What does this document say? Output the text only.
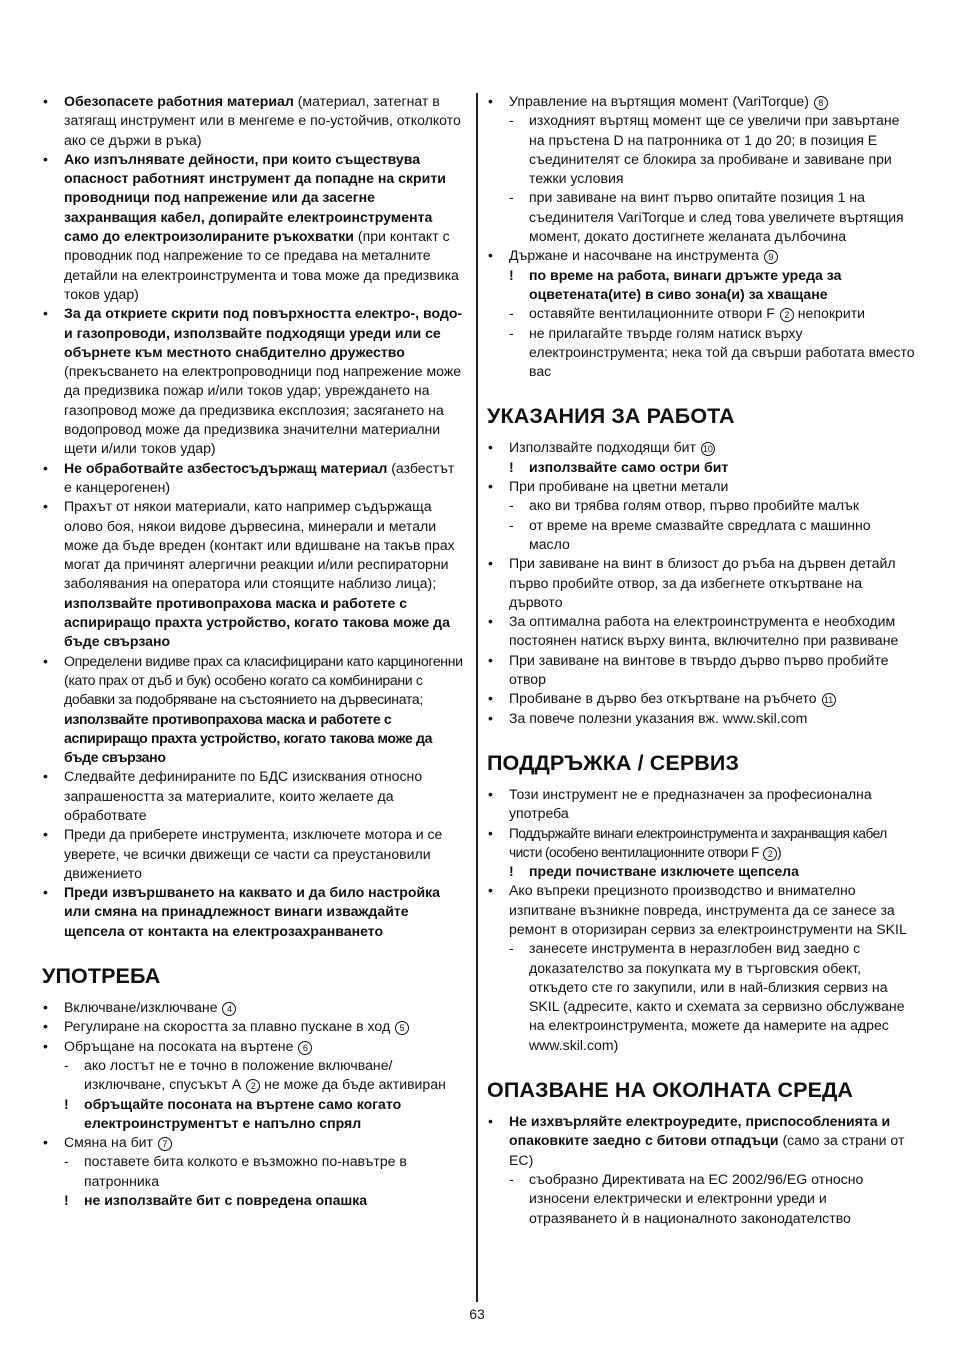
• Обезопасете работния материал (материал, затегнат в затягащ инструмент или в менгеме е по-устойчив, отколкото ако се държи в ръка)
• Ако изпълнявате дейности, при които съществува опасност работният инструмент да попадне на скрити проводници под напрежение или да засегне захранващия кабел, допирайте електроинструмента само до електроизолираните ръкохватки (при контакт с проводник под напрежение то се предава на металните детайли на електроинструмента и това може да предизвика токов удар)
• За да откриете скрити под повърхността електро-, водо- и газопроводи, използвайте подходящи уреди или се обърнете към местното снабдително дружество (прекъсването на електропроводници под напрежение може да предизвика пожар и/или токов удар; увреждането на газопровод може да предизвика експлозия; засягането на водопровод може да предизвика значителни материални щети и/или токов удар)
• Не обработвайте азбестосъдържащ материал (азбестът е канцерогенен)
• Прахът от някои материали, като например съдържаща олово боя, някои видове дървесина, минерали и метали може да бъде вреден (контакт или вдишване на такъв прах могат да причинят алергични реакции и/или респираторни заболявания на оператора или стоящите наблизо лица); използвайте противопрахова маска и работете с аспириращо прахта устройство, когато такова може да бъде свързано
• Определени видиве прах са класифицирани като карциногенни (като прах от дъб и бук) особено когато са комбинирани с добавки за подобряване на състоянието на дървесината; използвайте противопрахова маска и работете с аспириращо прахта устройство, когато такова може да бъде свързано
• Следвайте дефинираните по БДС изисквания относно запрашеността за материалите, които желаете да обработвате
• Преди да приберете инструмента, изключете мотора и се уверете, че всички движещи се части са преустановили движението
• Преди извършването на каквато и да било настройка или смяна на принадлежност винаги изваждайте щепсела от контакта на електрозахранването
УПОТРЕБА
• Включване/изключване 4
• Регулиране на скоростта за плавно пускане в ход 5
• Обръщане на посоката на въртене 6
- ако лостът не е точно в положение включване/ изключване, спусъкът А 2 не може да бъде активиран
! обръщайте посоната на въртене само когато електроинструментът е напълно спрял
• Смяна на бит 7
- поставете бита колкото е възможно по-навътре в патронника
! не използвайте бит с повредена опашка
• Управление на въртящия момент (VariTorque) 8
- изходният въртящ момент ще се увеличи при завъртане на пръстена D на патронника от 1 до 20; в позиция E съединителят се блокира за пробиване и завиване при тежки условия
- при завиване на винт първо опитайте позиция 1 на съединителя VariTorque и след това увеличете въртящия момент, докато достигнете желаната дълбочина
• Държане и насочване на инструмента 9
! по време на работа, винаги дръжте уреда за оцветената(ите) в сиво зона(и) за хващане
- оставяйте вентилационните отвори F 2 непокрити
- не прилагайте твърде голям натиск върху електроинструмента; нека той да свърши работата вместо вас
УКАЗАНИЯ ЗА РАБОТА
• Използвайте подходящи бит 10
! използвайте само остри бит
• При пробиване на цветни метали
- ако ви трябва голям отвор, първо пробийте малък
- от време на време смазвайте свредлата с машинно масло
• При завиване на винт в близост до ръба на дървен детайл първо пробийте отвор, за да избегнете откъртване на дървото
• За оптимална работа на електроинструмента е необходим постоянен натиск върху винта, включително при развиване
• При завиване на винтове в твърдо дърво първо пробийте отвор
• Пробиване в дърво без откъртване на ръбчето 11
• За повече полезни указания вж. www.skil.com
ПОДДРЪЖКА / СЕРВИЗ
• Този инструмент не е предназначен за професионална употреба
• Поддържайте винаги електроинструмента и захранващия кабел чисти (особено вентилационните отвори F 2 )
! преди почистване изключете щепсела
• Ако въпреки прецизното производство и внимателно изпитване възникне повреда, инструмента да се занесе за ремонт в оторизиран сервиз за електроинструменти на SKIL
- занесете инструмента в неразглобен вид заедно с доказателство за покупката му в търговския обект, откъдето сте го закупили, или в най-близкия сервиз на SKIL (адресите, както и схемата за сервизно обслужване на електроинструмента, можете да намерите на адрес www.skil.com)
ОПАЗВАНЕ НА ОКОЛНАТА СРЕДА
• Не изхвърляйте електроуредите, приспособленията и опаковките заедно с битови отпадъци (само за страни от ЕС)
- съобразно Директивата на ЕС 2002/96/EG относно износени електрически и електронни уреди и отразяването ѝ в националното законодателство
63
